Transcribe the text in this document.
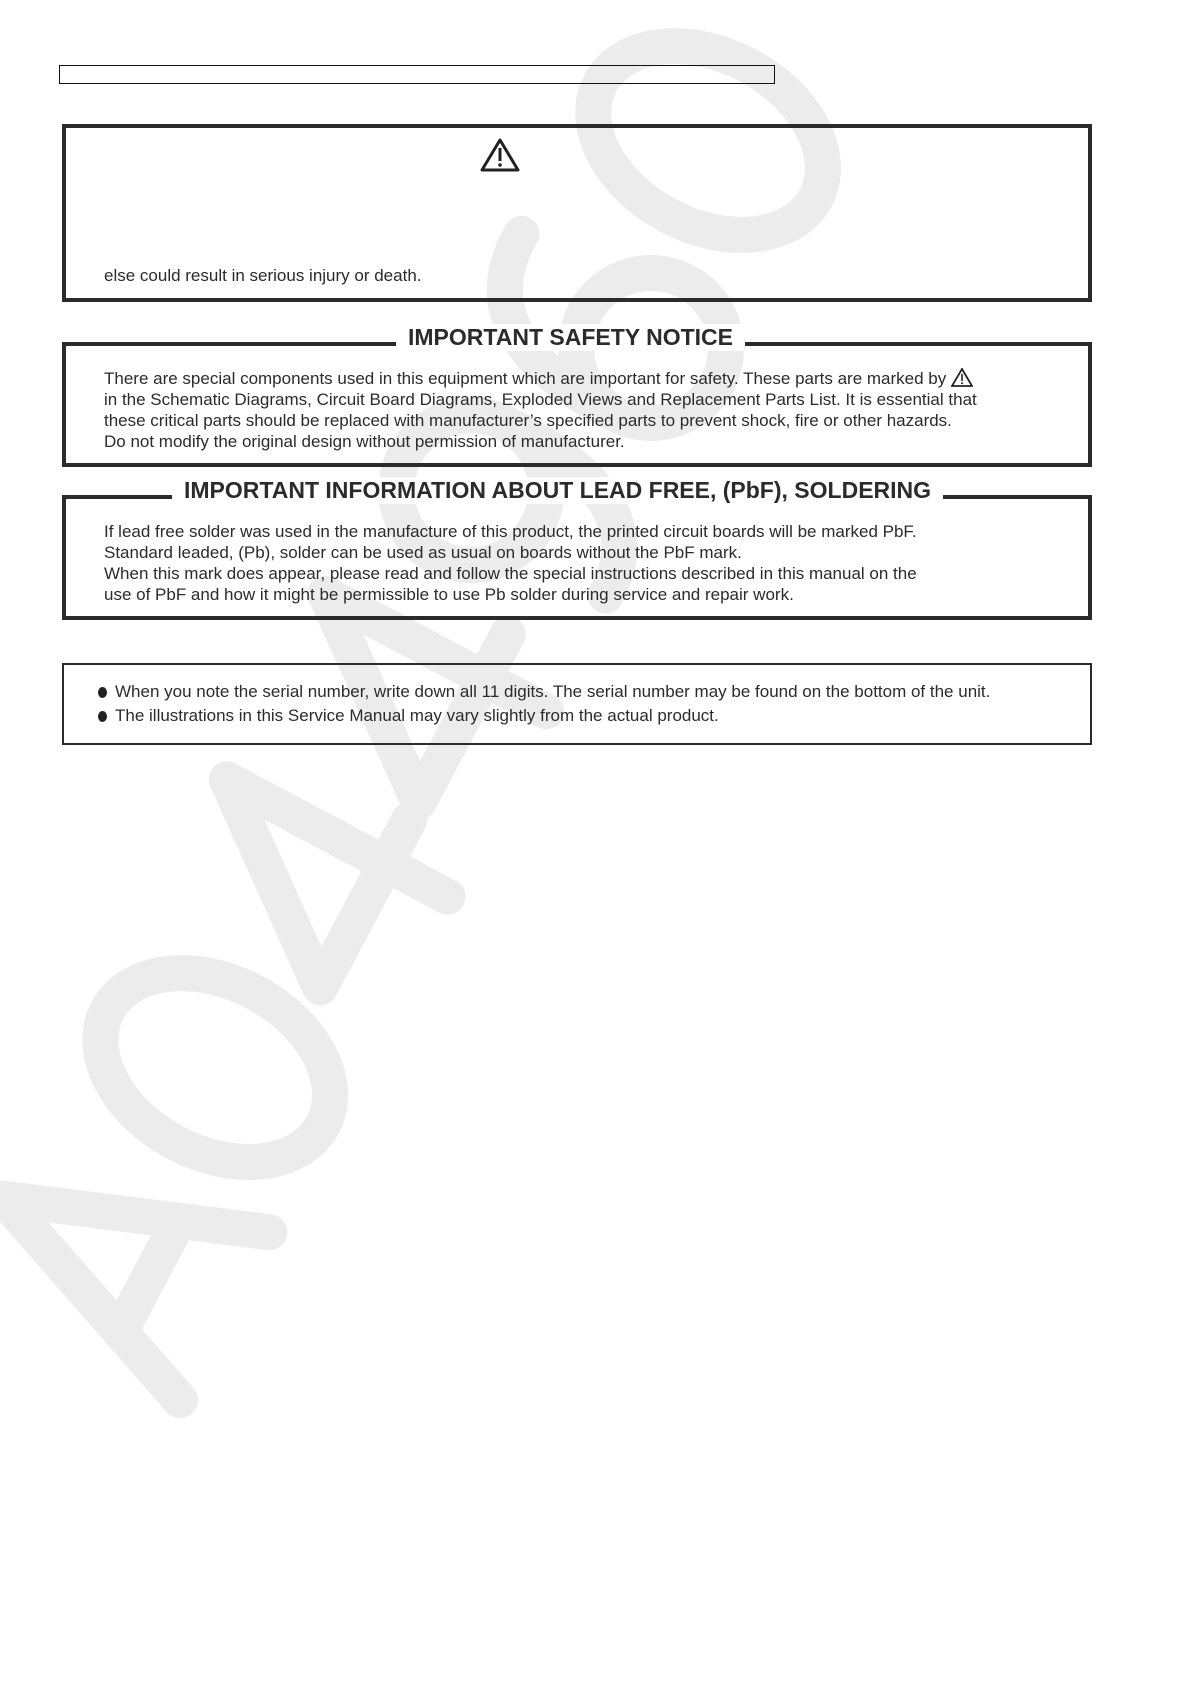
else could result in serious injury or death.
IMPORTANT SAFETY NOTICE
There are special components used in this equipment which are important for safety. These parts are marked by
in the Schematic Diagrams, Circuit Board Diagrams, Exploded Views and Replacement Parts List. It is essential that
these critical parts should be replaced with manufacturer’s specified parts to prevent shock, fire or other hazards.
Do not modify the original design without permission of manufacturer.
IMPORTANT INFORMATION ABOUT LEAD FREE, (PbF), SOLDERING
If lead free solder was used in the manufacture of this product, the printed circuit boards will be marked PbF.
Standard leaded, (Pb), solder can be used as usual on boards without the PbF mark.
When this mark does appear, please read and follow the special instructions described in this manual on the
use of PbF and how it might be permissible to use Pb solder during service and repair work.
When you note the serial number, write down all 11 digits. The serial number may be found on the bottom of the unit.
The illustrations in this Service Manual may vary slightly from the actual product.
